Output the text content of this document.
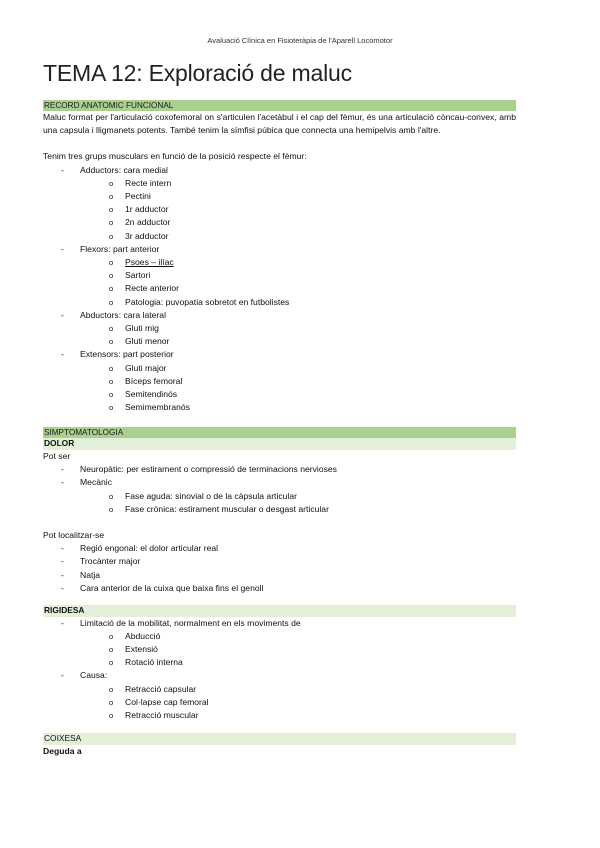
Avaluació Clínica en Fisioteràpia de l'Aparell Locomotor
TEMA 12: Exploració de maluc
RECORD ANATOMIC FUNCIONAL
Maluc format per l'articulació coxofemoral on s'articulen l'acetàbul i el cap del fèmur, és una articulació còncau-convex, amb una capsula i lligmanets potents. També tenim la símfisi púbica que connecta una hemipelvis amb l'altre.
Tenim tres grups musculars en funció de la posició respecte el fèmur:
- Adductors: cara medial
o Recte intern
o Pectini
o 1r adductor
o 2n adductor
o 3r adductor
- Flexors: part anterior
o Psoes – ilíac
o Sartori
o Recte anterior
o Patologia: puvopatia sobretot en futbolistes
- Abductors: cara lateral
o Gluti mig
o Gluti menor
- Extensors: part posterior
o Gluti major
o Bíceps femoral
o Semitendinós
o Semimembranós
SIMPTOMATOLOGIA
DOLOR
Pot ser
- Neuropàtic: per estirament o compressió de terminacions nervioses
- Mecànic
o Fase aguda: sinovial o de la càpsula articular
o Fase crònica: estirament muscular o desgast articular
Pot localitzar-se
- Regió engonal: el dolor articular real
- Trocànter major
- Natja
- Cara anterior de la cuixa que baixa fins el genoll
RIGIDESA
- Limitació de la mobilitat, normalment en els moviments de
o Abducció
o Extensió
o Rotació interna
- Causa:
o Retracció capsular
o Col·lapse cap femoral
o Retracció muscular
COIXESA
Deguda a
